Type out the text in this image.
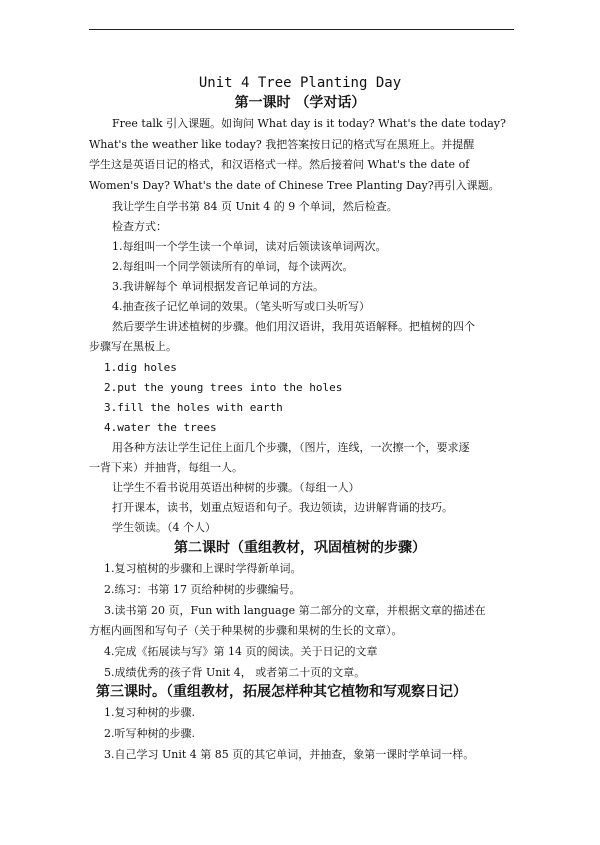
Unit 4 Tree Planting Day
第一课时 （学对话）
Free talk 引入课题。如询问 What day is it today? What's the date today?
What's the weather like today? 我把答案按日记的格式写在黑班上。并提醒
学生这是英语日记的格式，和汉语格式一样。然后接着问 What's the date of
Women's Day? What's the date of Chinese Tree Planting Day?再引入课题。
我让学生自学书第 84 页 Unit 4 的 9 个单词，然后检查。
检查方式：
1.每组叫一个学生读一个单词，读对后领读该单词两次。
2.每组叫一个同学领读所有的单词，每个读两次。
3.我讲解每个 单词根据发音记单词的方法。
4.抽查孩子记忆单词的效果。（笔头听写或口头听写）
然后要学生讲述植树的步骤。他们用汉语讲，我用英语解释。把植树的四个
步骤写在黑板上。
1.dig holes
2.put the young trees into the holes
3.fill the holes with earth
4.water the trees
用各种方法让学生记住上面几个步骤，（图片，连线，一次擦一个，要求逐
一背下来）并抽背，每组一人。
让学生不看书说用英语出种树的步骤。（每组一人）
打开课本，读书，划重点短语和句子。我边领读，边讲解背诵的技巧。
学生领读。（4 个人）
第二课时（重组教材，巩固植树的步骤）
1.复习植树的步骤和上课时学得新单词。
2.练习：书第 17 页给种树的步骤编号。
3.读书第 20 页，Fun with language 第二部分的文章，并根据文章的描述在
方框内画图和写句子（关于种果树的步骤和果树的生长的文章）。
4.完成《拓展读与写》第 14 页的阅读。关于日记的文章
5.成绩优秀的孩子背 Unit 4， 或者第二十页的文章。
第三课时。（重组教材，拓展怎样种其它植物和写观察日记）
1.复习种树的步骤.
2.听写种树的步骤.
3.自己学习 Unit 4 第 85 页的其它单词，并抽查，象第一课时学单词一样。
